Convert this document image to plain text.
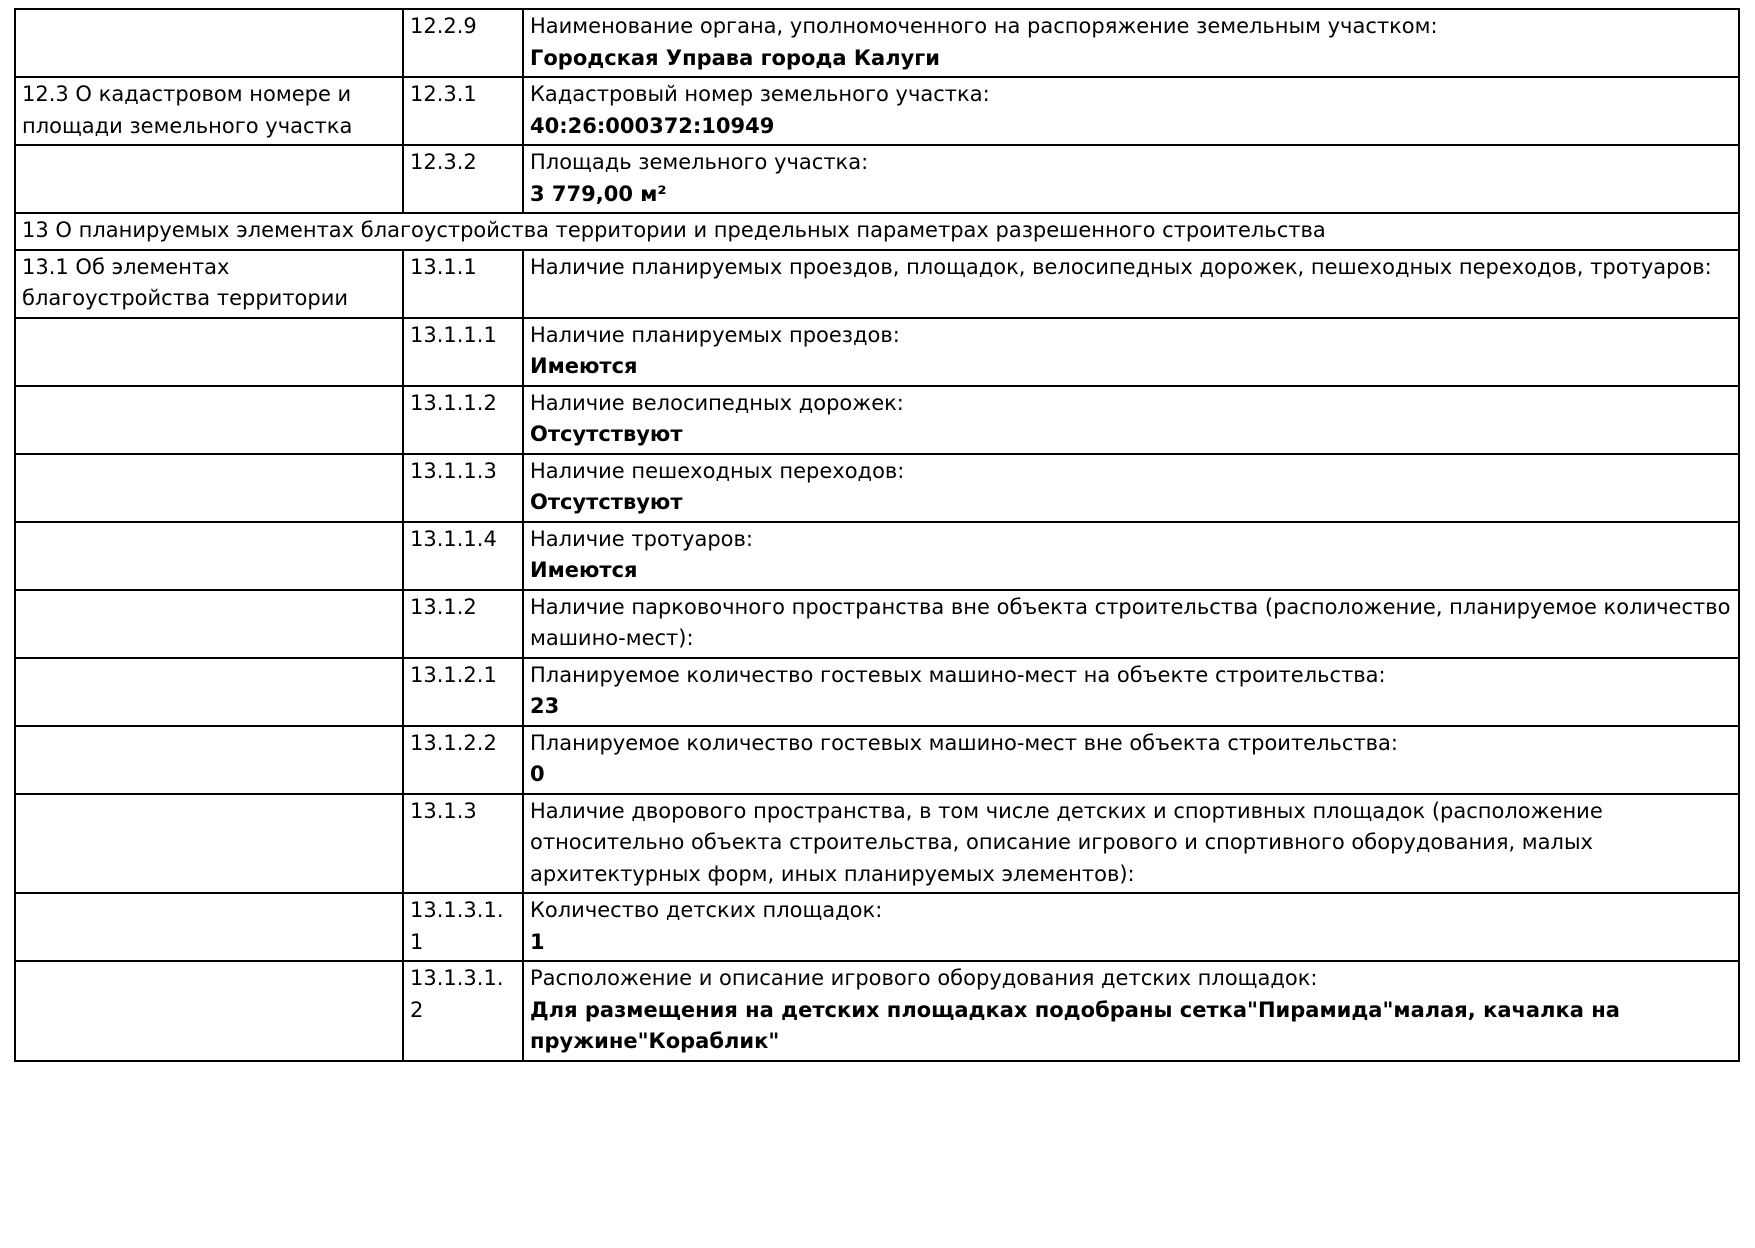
	12.2.9	Наименование органа, уполномоченного на распоряжение земельным участком:
Городская Управа города Калуги

12.3 О кадастровом номере и площади земельного участка	12.3.1	Кадастровый номер земельного участка:
40:26:000372:10949

	12.3.2	Площадь земельного участка:
3 779,00 м²

13 О планируемых элементах благоустройства территории и предельных параметрах разрешенного строительства		
13.1 Об элементах благоустройства территории	13.1.1	Наличие планируемых проездов, площадок, велосипедных дорожек, пешеходных переходов, тротуаров:

	13.1.1.1	Наличие планируемых проездов:
Имеются

	13.1.1.2	Наличие велосипедных дорожек:
Отсутствуют

	13.1.1.3	Наличие пешеходных переходов:
Отсутствуют

	13.1.1.4	Наличие тротуаров:
Имеются

	13.1.2	Наличие парковочного пространства вне объекта строительства (расположение, планируемое количество машино-мест):

	13.1.2.1	Планируемое количество гостевых машино-мест на объекте строительства:
23

	13.1.2.2	Планируемое количество гостевых машино-мест вне объекта строительства:
0

	13.1.3	Наличие дворового пространства, в том числе детских и спортивных площадок (расположение относительно объекта строительства, описание игрового и спортивного оборудования, малых архитектурных форм, иных планируемых элементов):

	13.1.3.1.1	Количество детских площадок:
1

	13.1.3.1.2	Расположение и описание игрового оборудования детских площадок:
Для размещения на детских площадках подобраны сетка"Пирамида"малая, качалка на пружине"Кораблик"
